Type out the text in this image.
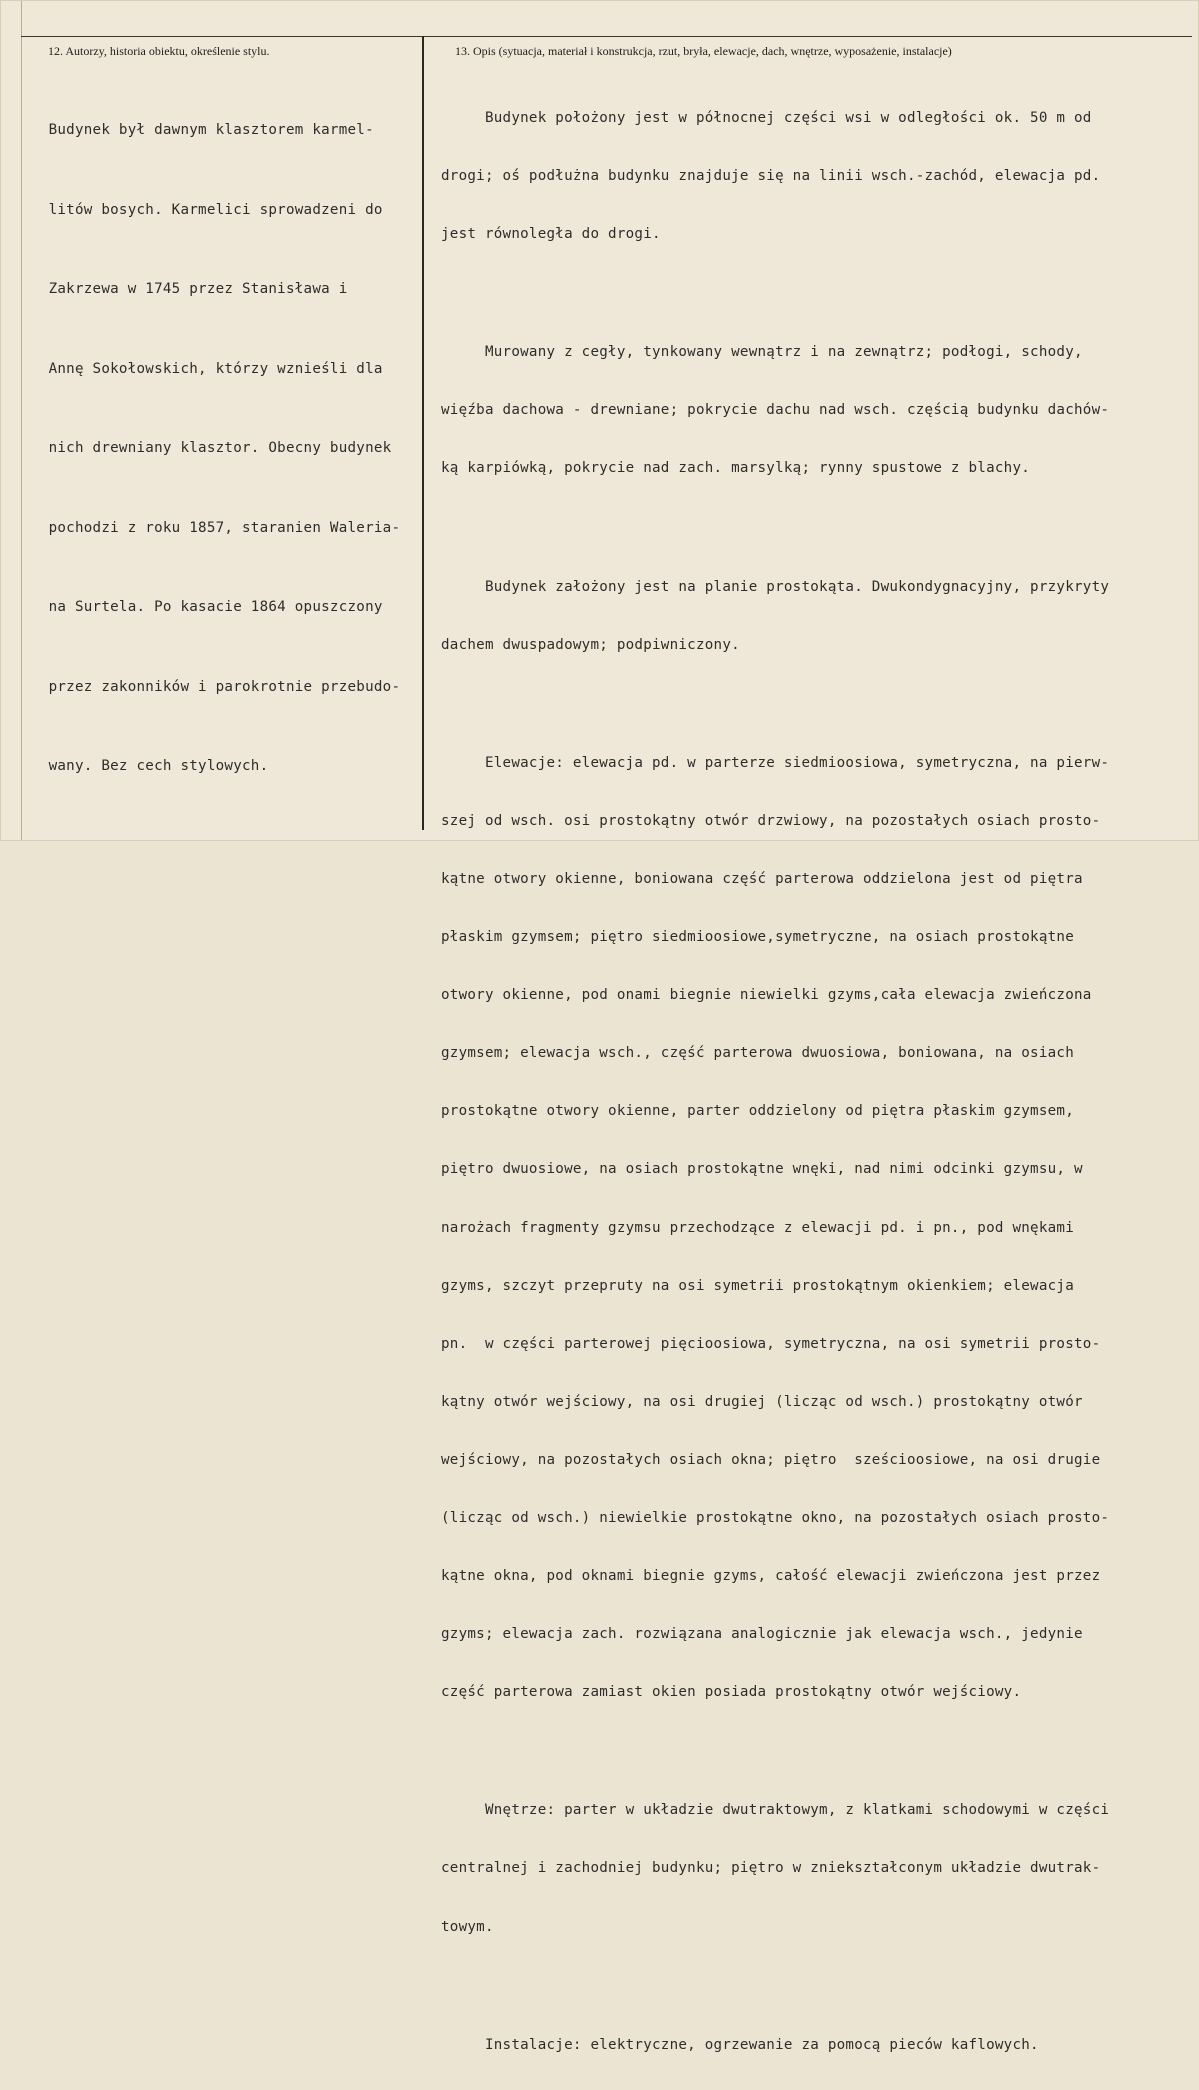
12. Autorzy, historia obiektu, określenie stylu.	13. Opis (sytuacja, materiał i konstrukcja, rzut, bryła, elewacje, dach, wnętrze, wyposażenie, instalacje)

Budynek był dawnym klasztorem karmel-

litów bosych. Karmelici sprowadzeni do

Zakrzewa w 1745 przez Stanisława i

Annę Sokołowskich, którzy wznieśli dla

nich drewniany klasztor. Obecny budynek

pochodzi z roku 1857, staranien Waleria-

na Surtela. Po kasacie 1864 opuszczony

przez zakonników i parokrotnie przebudo-

wany. Bez cech stylowych.

Budynek położony jest w północnej części wsi w odległości ok. 50 m od

drogi; oś podłużna budynku znajduje się na linii wsch.-zachód, elewacja pd.

jest równoległa do drogi.

Murowany z cegły, tynkowany wewnątrz i na zewnątrz; podłogi, schody,

więźba dachowa - drewniane; pokrycie dachu nad wsch. częścią budynku dachów-

ką karpiówką, pokrycie nad zach. marsylką; rynny spustowe z blachy.

Budynek założony jest na planie prostokąta. Dwukondygnacyjny, przykryty

dachem dwuspadowym; podpiwniczony.

Elewacje: elewacja pd. w parterze siedmioosiowa, symetryczna, na pierw-

szej od wsch. osi prostokątny otwór drzwiowy, na pozostałych osiach prosto-

kątne otwory okienne, boniowana część parterowa oddzielona jest od piętra

płaskim gzymsem; piętro siedmioosiowe,symetryczne, na osiach prostokątne

otwory okienne, pod onami biegnie niewielki gzyms,cała elewacja zwieńczona

gzymsem; elewacja wsch., część parterowa dwuosiowa, boniowana, na osiach

prostokątne otwory okienne, parter oddzielony od piętra płaskim gzymsem,

piętro dwuosiowe, na osiach prostokątne wnęki, nad nimi odcinki gzymsu, w

narożach fragmenty gzymsu przechodzące z elewacji pd. i pn., pod wnękami

gzyms, szczyt przepruty na osi symetrii prostokątnym okienkiem; elewacja

pn.  w części parterowej pięcioosiowa, symetryczna, na osi symetrii prosto-

kątny otwór wejściowy, na osi drugiej (licząc od wsch.) prostokątny otwór

wejściowy, na pozostałych osiach okna; piętro  sześcioosiowe, na osi drugie

(licząc od wsch.) niewielkie prostokątne okno, na pozostałych osiach prosto-

kątne okna, pod oknami biegnie gzyms, całość elewacji zwieńczona jest przez

gzyms; elewacja zach. rozwiązana analogicznie jak elewacja wsch., jedynie

część parterowa zamiast okien posiada prostokątny otwór wejściowy.

Wnętrze: parter w układzie dwutraktowym, z klatkami schodowymi w części

centralnej i zachodniej budynku; piętro w zniekształconym układzie dwutrak-

towym.

Instalacje: elektryczne, ogrzewanie za pomocą pieców kaflowych.
